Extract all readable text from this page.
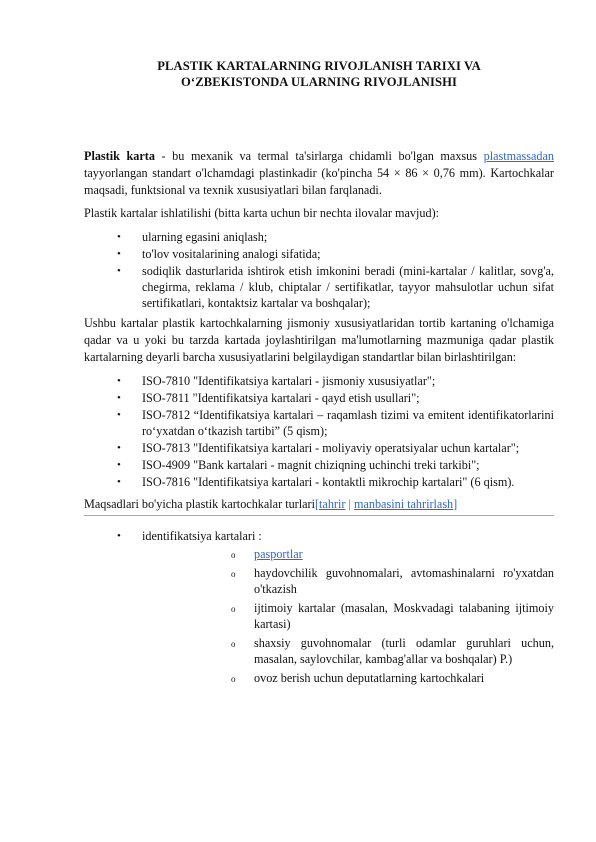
PLASTIK KARTALARNING RIVOJLANISH TARIXI VA
O‘ZBEKISTONDA ULARNING RIVOJLANISHI

Plastik karta - bu mexanik va termal ta'sirlarga chidamli bo'lgan maxsus plastmassadan tayyorlangan standart o'lchamdagi plastinkadir (ko'pincha 54 × 86 × 0,76 mm). Kartochkalar maqsadi, funktsional va texnik xususiyatlari bilan farqlanadi.

Plastik kartalar ishlatilishi (bitta karta uchun bir nechta ilovalar mavjud):

• ularning egasini aniqlash;
• to'lov vositalarining analogi sifatida;
• sodiqlik dasturlarida ishtirok etish imkonini beradi (mini-kartalar / kalitlar, sovg'a, chegirma, reklama / klub, chiptalar / sertifikatlar, tayyor mahsulotlar uchun sifat sertifikatlari, kontaktsiz kartalar va boshqalar);

Ushbu kartalar plastik kartochkalarning jismoniy xususiyatlaridan tortib kartaning o'lchamiga qadar va u yoki bu tarzda kartada joylashtirilgan ma'lumotlarning mazmuniga qadar plastik kartalarning deyarli barcha xususiyatlarini belgilaydigan standartlar bilan birlashtirilgan:

• ISO-7810 "Identifikatsiya kartalari - jismoniy xususiyatlar";
• ISO-7811 "Identifikatsiya kartalari - qayd etish usullari";
• ISO-7812 “Identifikatsiya kartalari – raqamlash tizimi va emitent identifikatorlarini ro‘yxatdan o‘tkazish tartibi” (5 qism);
• ISO-7813 "Identifikatsiya kartalari - moliyaviy operatsiyalar uchun kartalar";
• ISO-4909 "Bank kartalari - magnit chiziqning uchinchi treki tarkibi";
• ISO-7816 "Identifikatsiya kartalari - kontaktli mikrochip kartalari" (6 qism).
Maqsadlari bo'yicha plastik kartochkalar turlari[tahrir | manbasini tahrirlash]
• identifikatsiya kartalari :
o pasportlar
o haydovchilik guvohnomalari, avtomashinalarni ro'yxatdan o'tkazish
o ijtimoiy kartalar (masalan, Moskvadagi talabaning ijtimoiy kartasi)
o shaxsiy guvohnomalar (turli odamlar guruhlari uchun, masalan, saylovchilar, kambag'allar va boshqalar) P.)
o ovoz berish uchun deputatlarning kartochkalari
